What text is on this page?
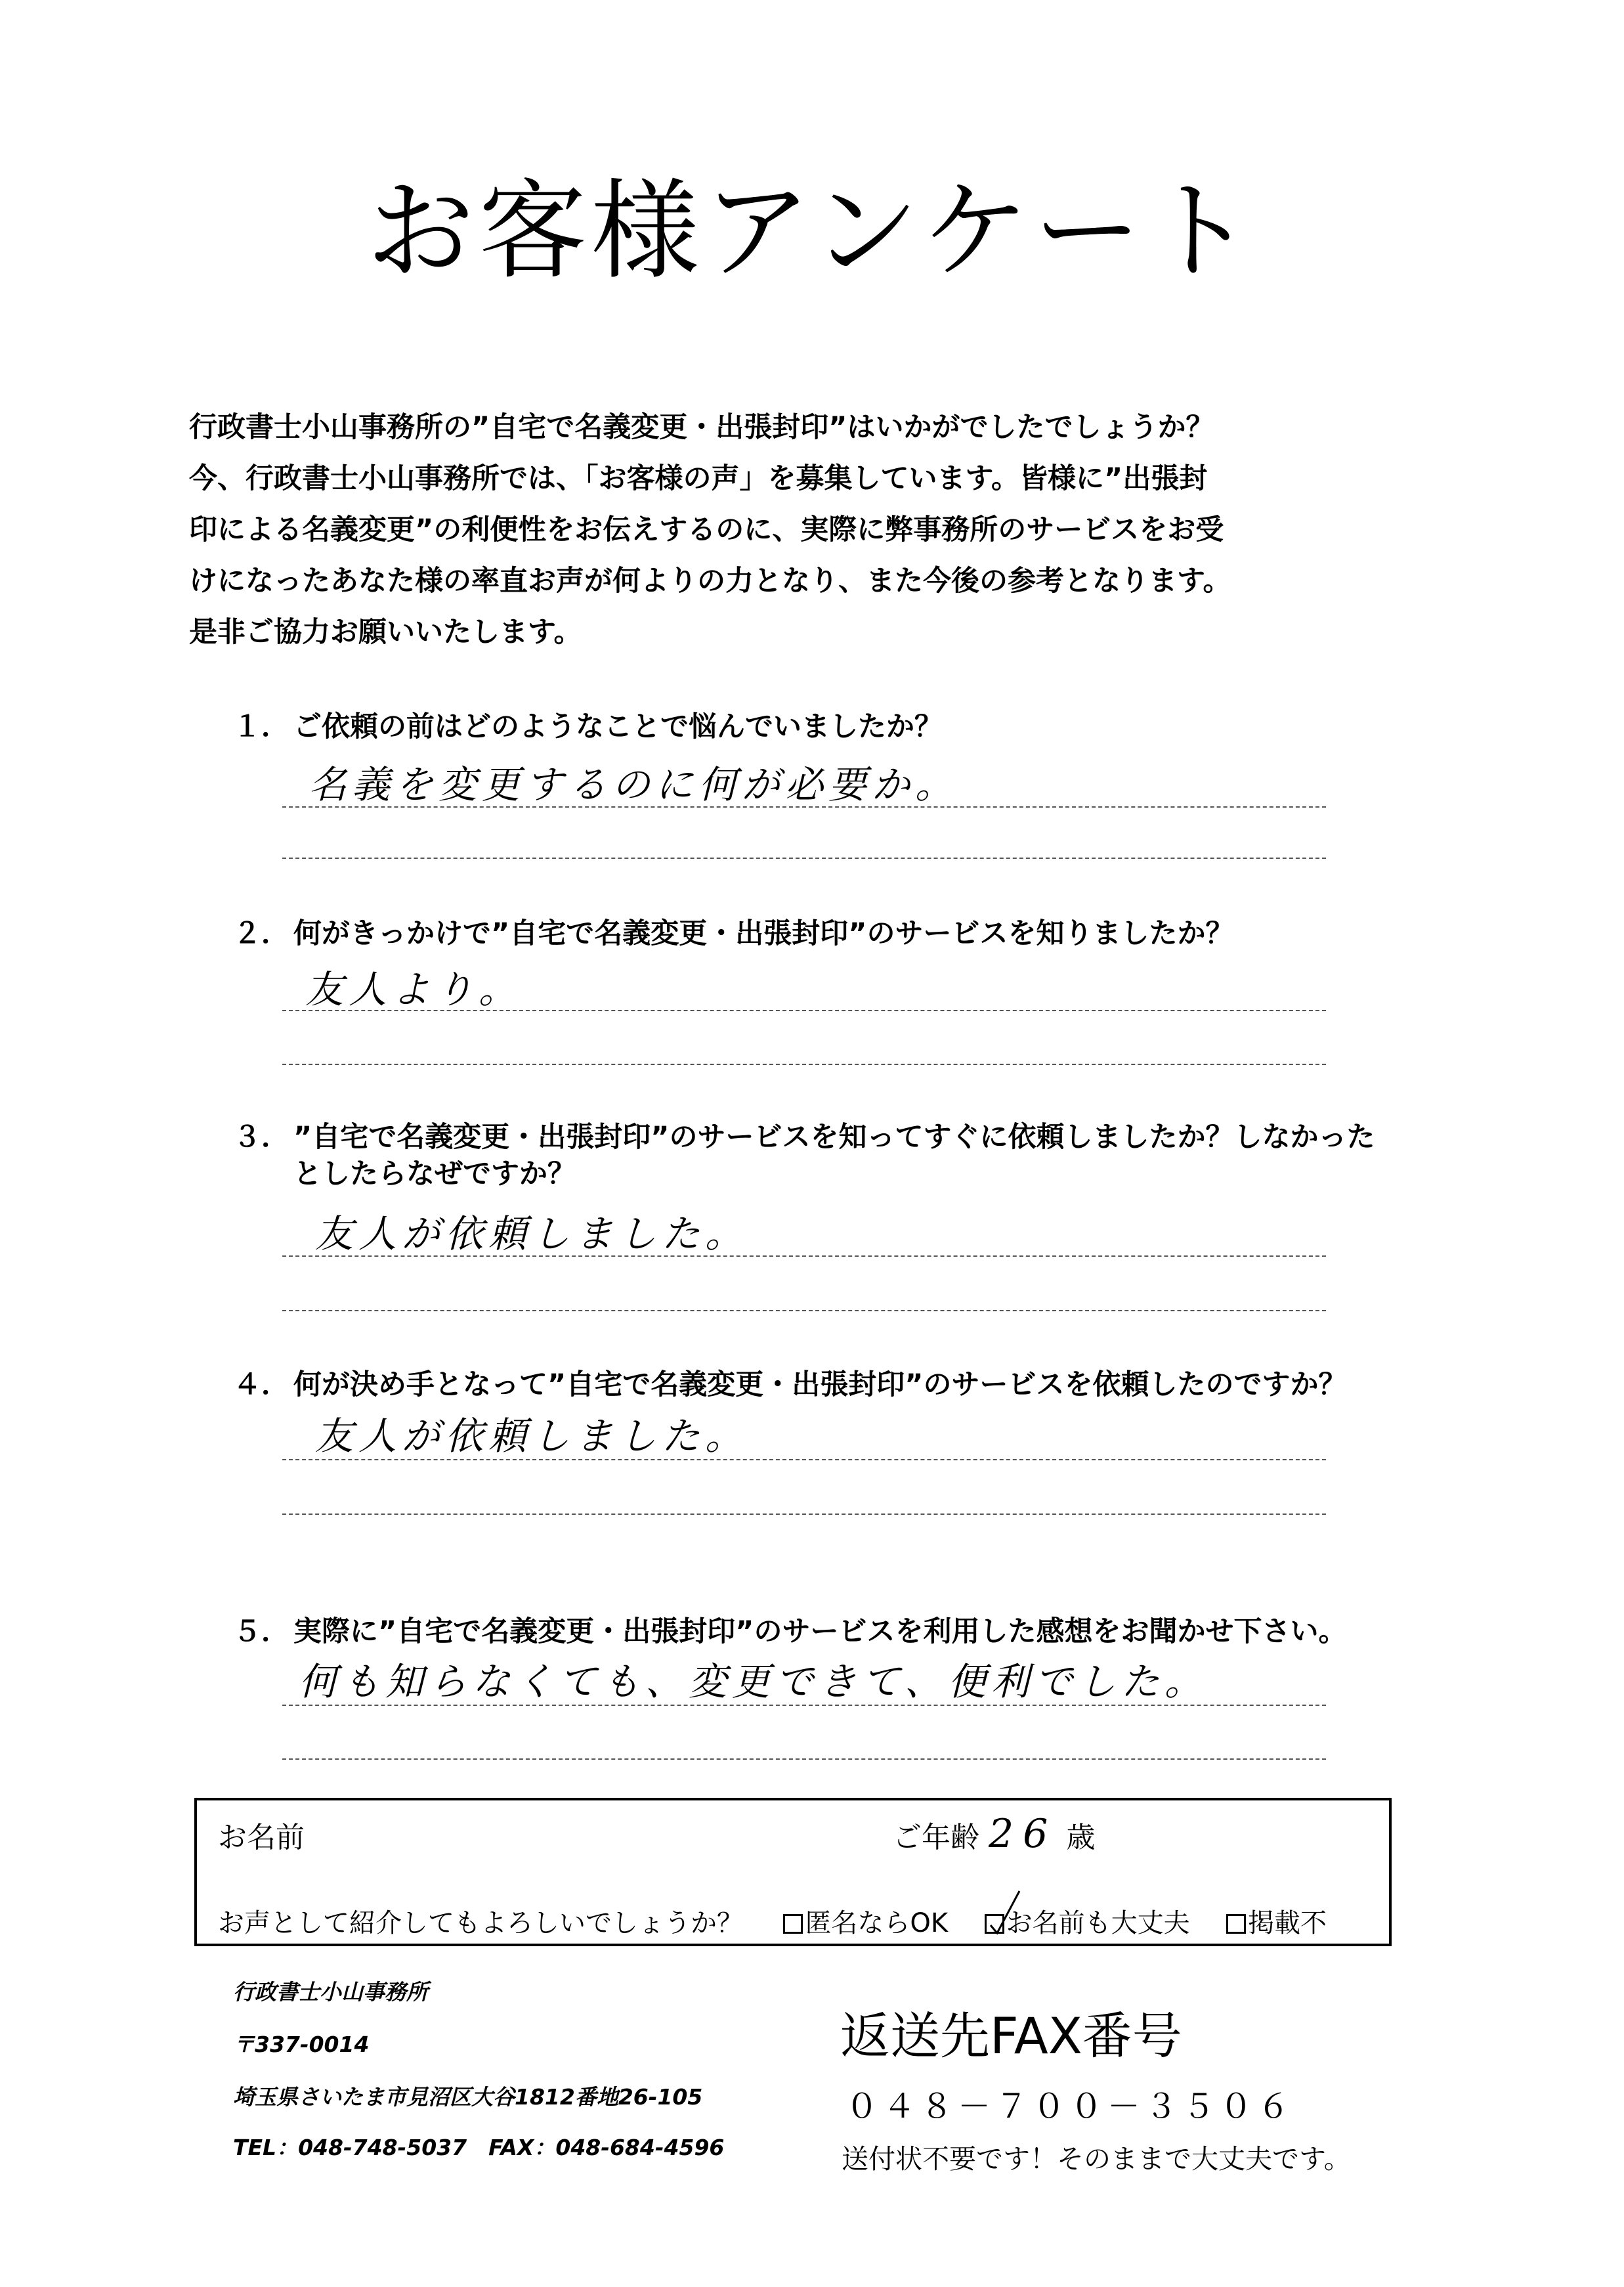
お客様アンケート
行政書士小山事務所の”自宅で名義変更・出張封印”はいかがでしたでしょうか？
今、行政書士小山事務所では、「お客様の声」を募集しています。皆様に”出張封
印による名義変更”の利便性をお伝えするのに、実際に弊事務所のサービスをお受
けになったあなた様の率直お声が何よりの力となり、また今後の参考となります。
是非ご協力お願いいたします。
１． ご依頼の前はどのようなことで悩んでいましたか？
名義を変更するのに何が必要か。
２． 何がきっかけで”自宅で名義変更・出張封印”のサービスを知りましたか？
友人より。
３． ”自宅で名義変更・出張封印”のサービスを知ってすぐに依頼しましたか？しなかった
としたらなぜですか？
友人が依頼しました。
４． 何が決め手となって”自宅で名義変更・出張封印”のサービスを依頼したのですか？
友人が依頼しました。
５． 実際に”自宅で名義変更・出張封印”のサービスを利用した感想をお聞かせ下さい。
何も知らなくても、変更できて、便利でした。
お名前	ご年齢 26 歳
お声として紹介してもよろしいでしょうか？ 匿名ならOK お名前も大丈夫 掲載不
行政書士小山事務所
〒337-0014
埼玉県さいたま市見沼区大谷1812番地26-105
TEL：048-748-5037　FAX：048-684-4596
返送先FAX番号
０４８－７００－３５０６
送付状不要です！そのままで大丈夫です。
